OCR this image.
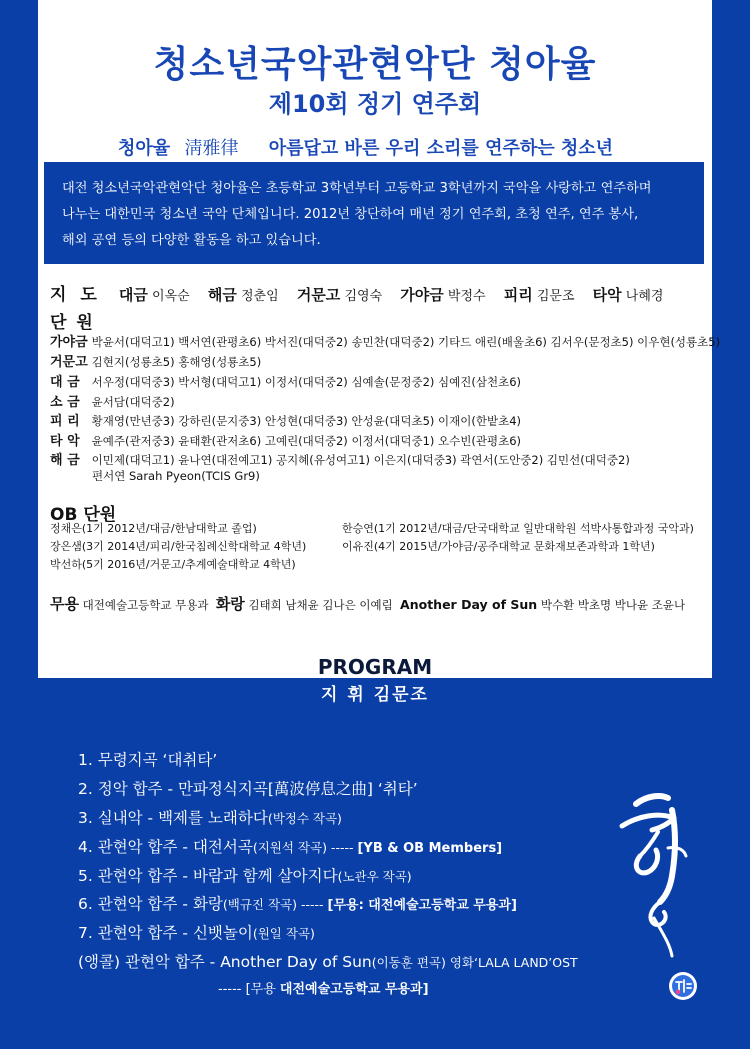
청소년국악관현악단 청아율
제10회 정기 연주회
청아율 淸雅律 아름답고 바른 우리 소리를 연주하는 청소년
대전 청소년국악관현악단 청아율은 초등학교 3학년부터 고등학교 3학년까지 국악을 사랑하고 연주하며
나누는 대한민국 청소년 국악 단체입니다. 2012년 창단하여 매년 정기 연주회, 초청 연주, 연주 봉사,
해외 공연 등의 다양한 활동을 하고 있습니다.
지 도 대금 이옥순 해금 정춘임 거문고 김영숙 가야금 박정수 피리 김문조 타악 나혜경
단 원
가야금 박윤서(대덕고1) 백서연(관평초6) 박서진(대덕중2) 송민찬(대덕중2) 기타드 애린(배울초6) 김서우(문정초5) 이우현(성룡초5)
거문고 김현지(성룡초5) 홍해영(성룡초5)
대 금 서우정(대덕중3) 박서형(대덕고1) 이정서(대덕중2) 심예솔(문정중2) 심예진(삼천초6)
소 금 윤서담(대덕중2)
피 리 황재영(만년중3) 강하린(문지중3) 안성현(대덕중3) 안성윤(대덕초5) 이재이(한밭초4)
타 악 윤예주(관저중3) 윤태환(관저초6) 고예린(대덕중2) 이정서(대덕중1) 오수빈(관평초6)
해 금 이민제(대덕고1) 윤나연(대전예고1) 공지혜(유성여고1) 이은지(대덕중3) 곽연서(도안중2) 김민선(대덕중2)
편서연 Sarah Pyeon(TCIS Gr9)
OB 단원
정채은(1기 2012년/대금/한남대학교 졸업)
장은샘(3기 2014년/피리/한국침례신학대학교 4학년)
박선하(5기 2016년/거문고/추계예술대학교 4학년)
한승연(1기 2012년/대금/단국대학교 일반대학원 석박사통합과정 국악과)
이유진(4기 2015년/가야금/공주대학교 문화재보존과학과 1학년)
무용 대전예술고등학교 무용과 화랑 김태희 남채윤 김나은 이예림 Another Day of Sun 박수환 박초명 박나윤 조윤나
PROGRAM
지 휘 김문조
1. 무령지곡 ‘대취타’
2. 정악 합주 - 만파정식지곡[萬波停息之曲] ‘취타’
3. 실내악 - 백제를 노래하다(박정수 작곡)
4. 관현악 합주 - 대전서곡(지원석 작곡) ----- [YB & OB Members]
5. 관현악 합주 - 바람과 함께 살아지다(노관우 작곡)
6. 관현악 합주 - 화랑(백규진 작곡) ----- [무용: 대전예술고등학교 무용과]
7. 관현악 합주 - 신뱃놀이(원일 작곡)
(앵콜) 관현악 합주 - Another Day of Sun(이동훈 편곡) 영화‘LALA LAND’OST
----- [무용 대전예술고등학교 무용과]
